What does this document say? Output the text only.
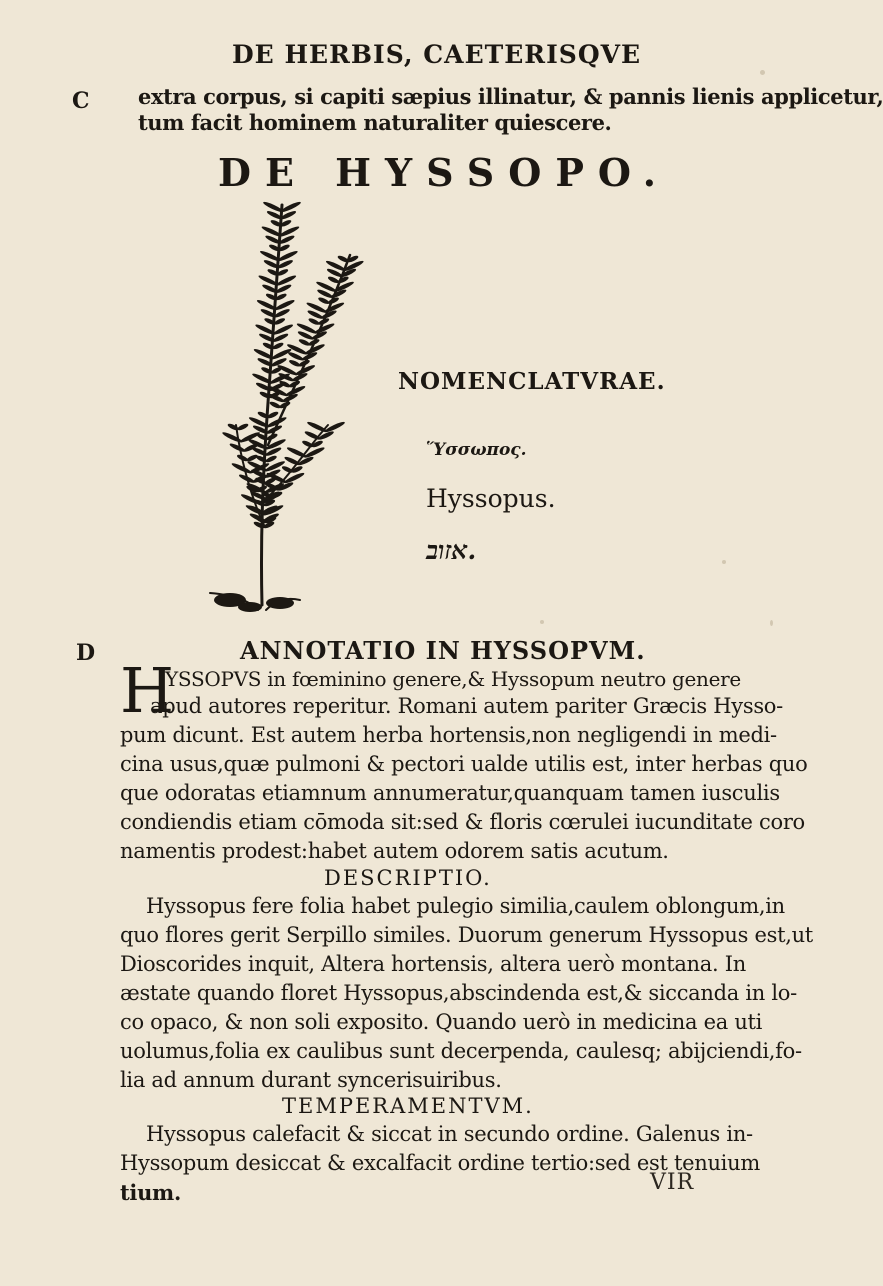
DE HERBIS, CAETERISQVE
C extra corpus, si capiti sæpius illinatur, & pannis lienis applicetur,
tum facit hominem naturaliter quiescere.
DE HYSSOPO.
NOMENCLATVRAE.
Ὕσσωπος.
Hyssopus.
אזוב.
D	ANNOTATIO IN HYSSOPVM.
H
YSSOPVS in fœminino genere,& Hyssopum neutro genere
apud autores reperitur. Romani autem pariter Græcis Hysso-
pum dicunt. Est autem herba hortensis,non negligendi in medi-
cina usus,quæ pulmoni & pectori ualde utilis est, inter herbas quo
que odoratas etiamnum annumeratur,quanquam tamen iusculis
condiendis etiam cōmoda sit:sed & floris cœrulei iucunditate coro
namentis prodest:habet autem odorem satis acutum.
DESCRIPTIO.
Hyssopus fere folia habet pulegio similia,caulem oblongum,in
quo flores gerit Serpillo similes. Duorum generum Hyssopus est,ut
Dioscorides inquit, Altera hortensis, altera uerò montana. In
æstate quando floret Hyssopus,abscindenda est,& siccanda in lo-
co opaco, & non soli exposito. Quando uerò in medicina ea uti
uolumus,folia ex caulibus sunt decerpenda, caulesq; abijciendi,fo-
lia ad annum durant syncerisuiribus.
TEMPERAMENTVM.
Hyssopus calefacit & siccat in secundo ordine. Galenus in-
Hyssopum desiccat & excalfacit ordine tertio:sed est tenuium
tium.	VIR
